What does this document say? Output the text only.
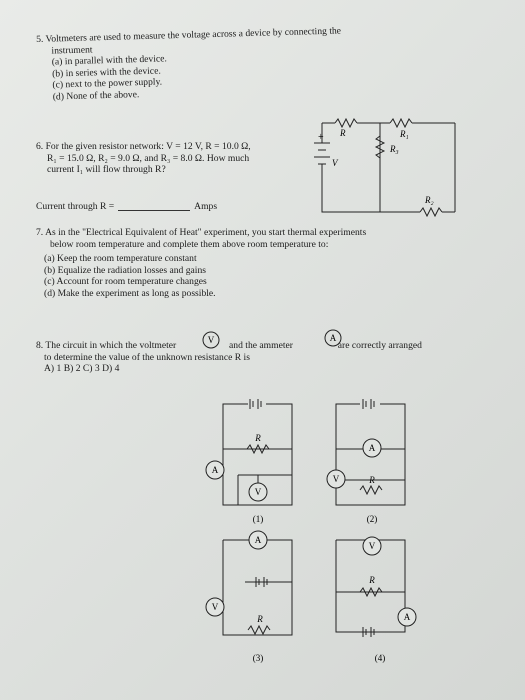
5. Voltmeters are used to measure the voltage across a device by connecting the
instrument
(a) in parallel with the device.
(b) in series with the device.
(c) next to the power supply.
(d) None of the above.
6. For the given resistor network: V = 12 V, R = 10.0 Ω,
R₁ = 15.0 Ω, R₂ = 9.0 Ω, and R₃ = 8.0 Ω. How much
current I₁ will flow through R?
Current through R =	Amps
R	R₁
R₃
R₂
V
+
7. As in the "Electrical Equivalent of Heat" experiment, you start thermal experiments
below room temperature and complete them above room temperature to:
(a) Keep the room temperature constant
(b) Equalize the radiation losses and gains
(c) Account for room temperature changes
(d) Make the experiment as long as possible.
8. The circuit in which the voltmeter	and the ammeter	are correctly arranged
to determine the value of the unknown resistance R is
A) 1 B) 2 C) 3 D) 4
V	A
A
V
A
V
A
V
V
A
R
R
R
R
(1)	(2)
(3)	(4)
